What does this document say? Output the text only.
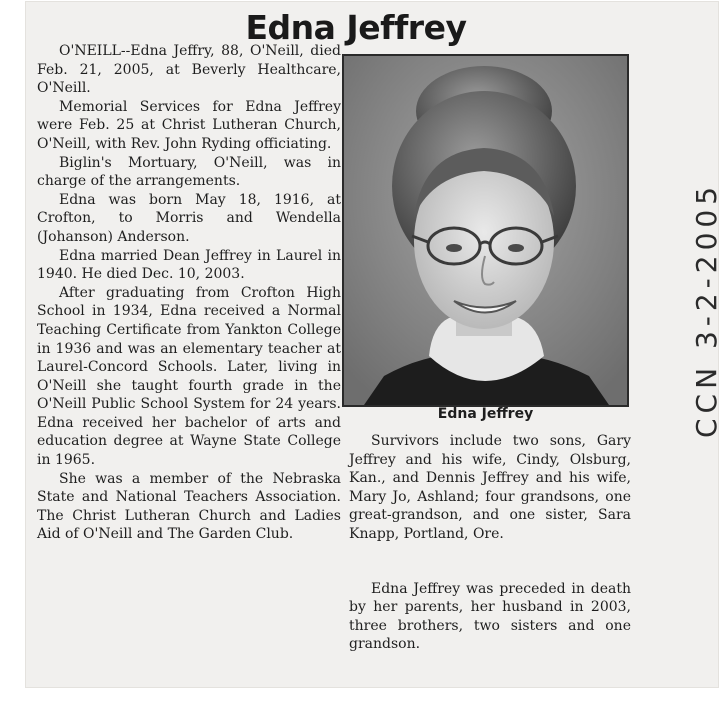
Edna Jeffrey

O'NEILL--Edna Jeffry, 88, O'Neill, died Feb. 21, 2005, at Beverly Healthcare, O'Neill.

Memorial Services for Edna Jeffrey were Feb. 25 at Christ Lutheran Church, O'Neill, with Rev. John Ryding officiating.

Biglin's Mortuary, O'Neill, was in charge of the arrangements.

Edna was born May 18, 1916, at Crofton, to Morris and Wendella (Johanson) Anderson.

Edna married Dean Jeffrey in Laurel in 1940. He died Dec. 10, 2003.

After graduating from Crofton High School in 1934, Edna received a Normal Teaching Certificate from Yankton College in 1936 and was an elementary teacher at Laurel-Concord Schools. Later, living in O'Neill she taught fourth grade in the O'Neill Public School System for 24 years. Edna received her bachelor of arts and education degree at Wayne State College in 1965.

She was a member of the Nebraska State and National Teachers Association. The Christ Lutheran Church and Ladies Aid of O'Neill and The Garden Club.

Edna Jeffrey

Survivors include two sons, Gary Jeffrey and his wife, Cindy, Olsburg, Kan., and Dennis Jeffrey and his wife, Mary Jo, Ashland; four grandsons, one great-grandson, and one sister, Sara Knapp, Portland, Ore.

Edna Jeffrey was preceded in death by her parents, her husband in 2003, three brothers, two sisters and one grandson.

CCN 3-2-2005
